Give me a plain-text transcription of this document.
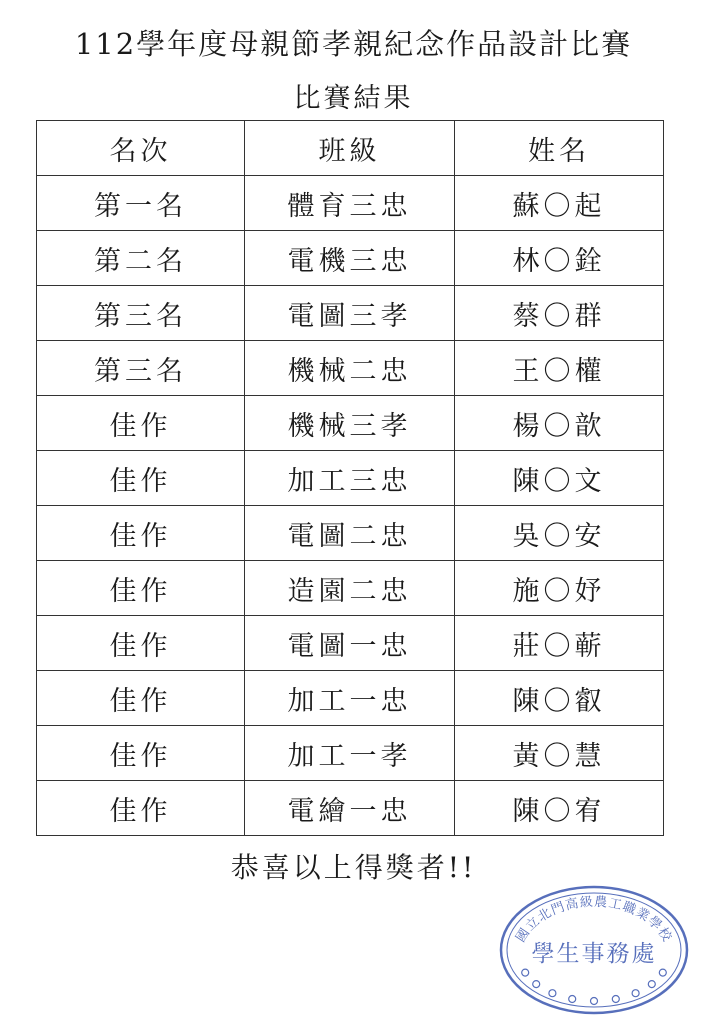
112學年度母親節孝親紀念作品設計比賽
比賽結果
名次	班級	姓名
第一名	體育三忠	蘇〇起
第二名	電機三忠	林〇銓
第三名	電圖三孝	蔡〇群
第三名	機械二忠	王〇權
佳作	機械三孝	楊〇歆
佳作	加工三忠	陳〇文
佳作	電圖二忠	吳〇安
佳作	造園二忠	施〇妤
佳作	電圖一忠	莊〇蕲
佳作	加工一忠	陳〇叡
佳作	加工一孝	黃〇慧
佳作	電繪一忠	陳〇宥
恭喜以上得獎者!!
國立北門高級農工職業學校
學生事務處
